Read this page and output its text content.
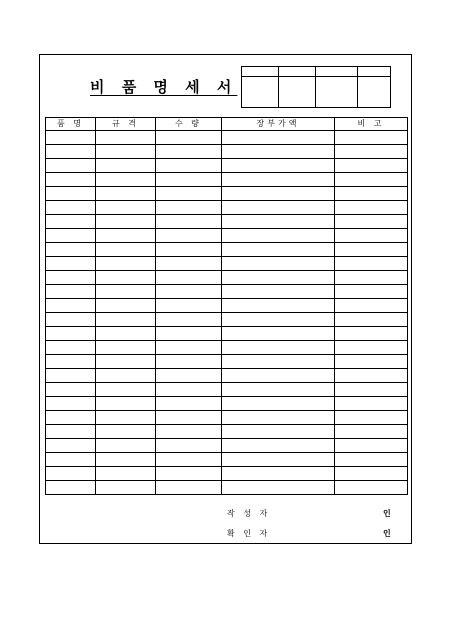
비 품 명 세 서

품 명	규 격	수 량	장부가액	비 고

작 성 자	인
확 인 자	인
